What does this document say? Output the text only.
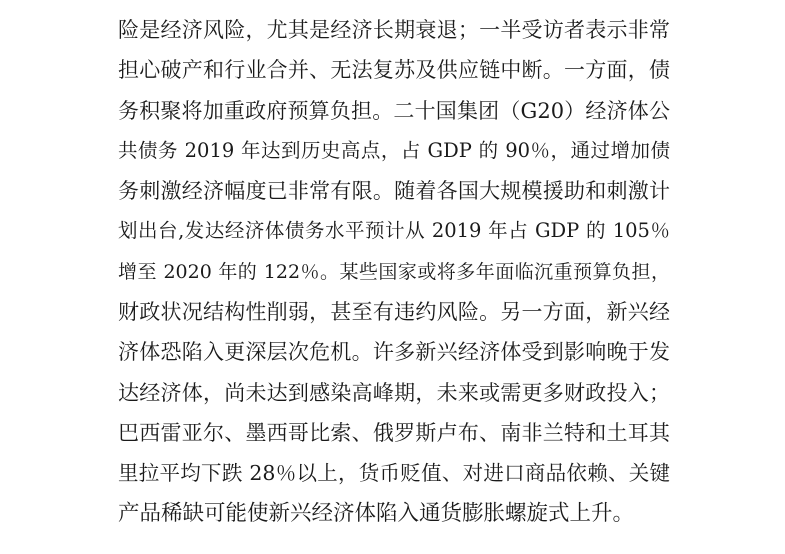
险是经济风险，尤其是经济长期衰退；一半受访者表示非常
担心破产和行业合并、无法复苏及供应链中断。一方面，债
务积聚将加重政府预算负担。二十国集团（G20）经济体公
共债务 2019 年达到历史高点，占 GDP 的 90％，通过增加债
务刺激经济幅度已非常有限。随着各国大规模援助和刺激计
划出台,发达经济体债务水平预计从 2019 年占 GDP 的 105％
增至 2020 年的 122％。某些国家或将多年面临沉重预算负担，
财政状况结构性削弱，甚至有违约风险。另一方面，新兴经
济体恐陷入更深层次危机。许多新兴经济体受到影响晚于发
达经济体，尚未达到感染高峰期，未来或需更多财政投入；
巴西雷亚尔、墨西哥比索、俄罗斯卢布、南非兰特和土耳其
里拉平均下跌 28％以上，货币贬值、对进口商品依赖、关键
产品稀缺可能使新兴经济体陷入通货膨胀螺旋式上升。
